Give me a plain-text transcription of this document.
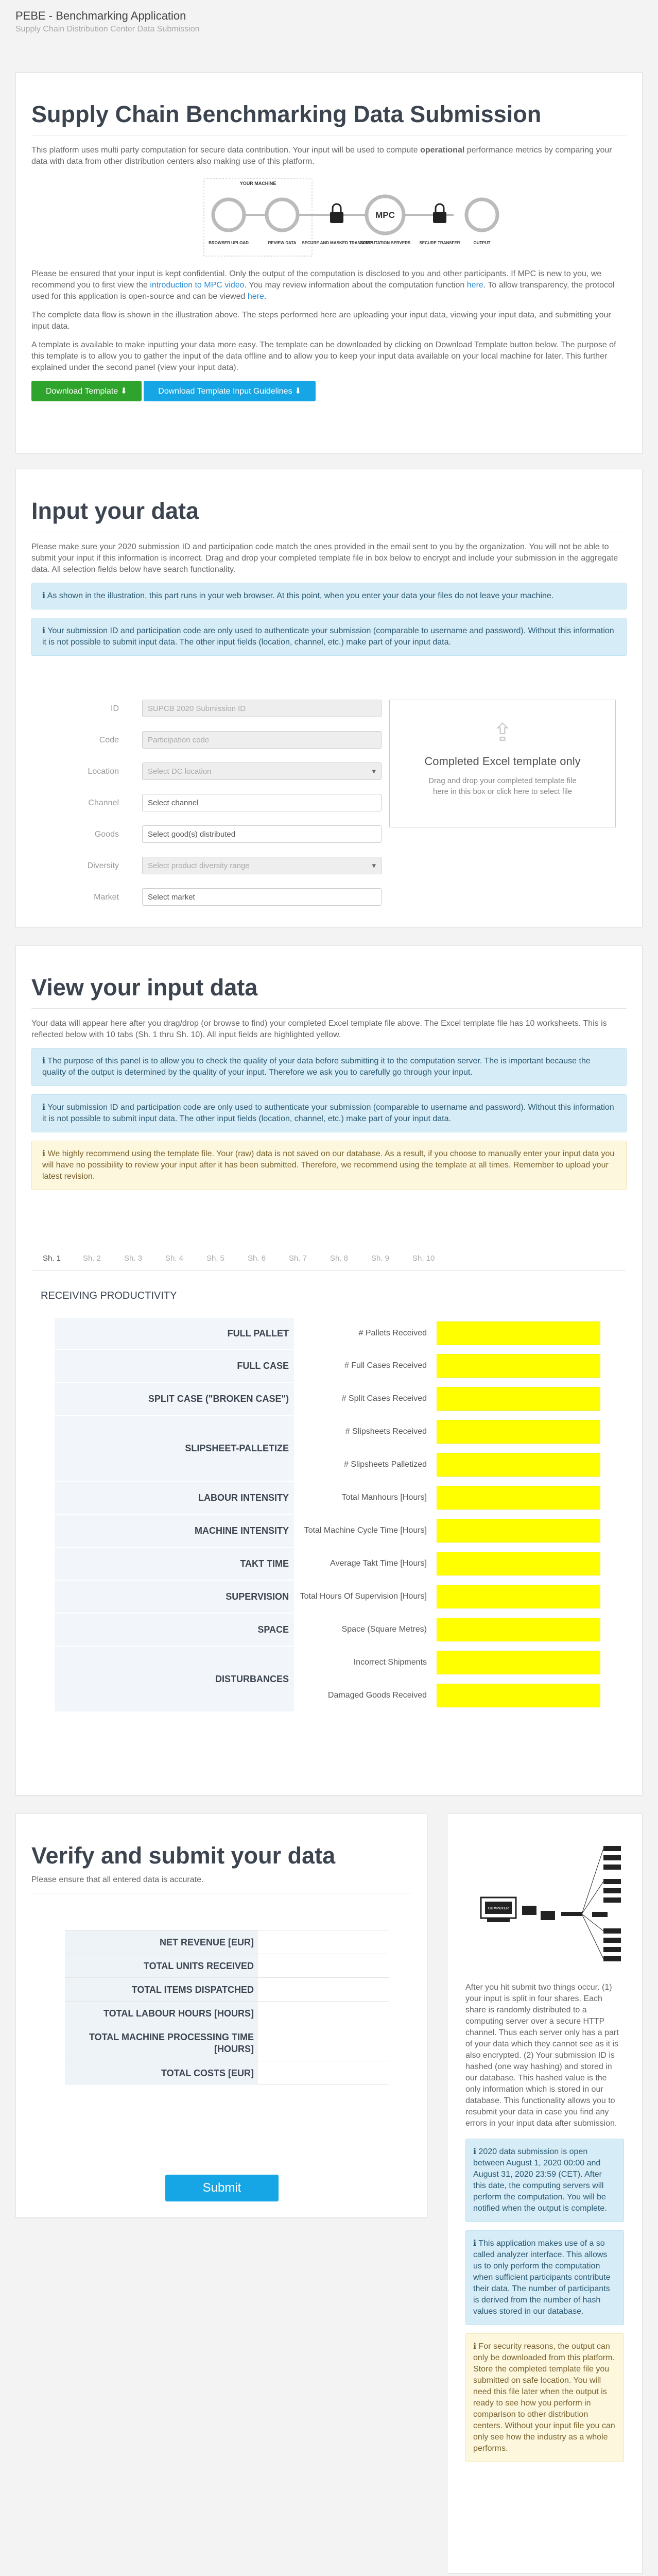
PEBE - Benchmarking Application
Supply Chain Distribution Center Data Submission
Supply Chain Benchmarking Data Submission

This platform uses multi party computation for secure data contribution. Your input will be used to compute operational performance metrics by comparing your data with data from other distribution centers also making use of this platform.

YOUR MACHINE
MPC
BROWSER UPLOAD	REVIEW DATA SECURE AND MASKED TRANSFER
COMPUTATION SERVERS SECURE TRANSFER	OUTPUT

Please be ensured that your input is kept confidential. Only the output of the computation is disclosed to you and other participants. If MPC is new to you, we recommend you to first view the introduction to MPC video. You may review information about the computation function here. To allow transparency, the protocol used for this application is open-source and can be viewed here.

The complete data flow is shown in the illustration above. The steps performed here are uploading your input data, viewing your input data, and submitting your input data.

A template is available to make inputting your data more easy. The template can be downloaded by clicking on Download Template button below. The purpose of this template is to allow you to gather the input of the data offline and to allow you to keep your input data available on your local machine for later. This further explained under the second panel (view your input data).

Download Template ⬇	Download Template Input Guidelines ⬇
Input your data

Please make sure your 2020 submission ID and participation code match the ones provided in the email sent to you by the organization. You will not be able to submit your input if this information is incorrect. Drag and drop your completed template file in box below to encrypt and include your submission in the aggregate data. All selection fields below have search functionality.

ℹ As shown in the illustration, this part runs in your web browser. At this point, when you enter your data your files do not leave your machine.
ℹ Your submission ID and participation code are only used to authenticate your submission (comparable to username and password). Without this information it is not possible to submit input data. The other input fields (location, channel, etc.) make part of your input data.
ID	SUPCB 2020 Submission ID
Code	Participation code
Location	Select DC location ▾
Channel	Select channel
Goods	Select good(s) distributed
Diversity	Select product diversity range ▾
Market	Select market
⇪
Completed Excel template only
Drag and drop your completed template file here in this box or click here to select file
View your input data

Your data will appear here after you drag/drop (or browse to find) your completed Excel template file above. The Excel template file has 10 worksheets. This is reflected below with 10 tabs (Sh. 1 thru Sh. 10). All input fields are highlighted yellow.

ℹ The purpose of this panel is to allow you to check the quality of your data before submitting it to the computation server. The is important because the quality of the output is determined by the quality of your input. Therefore we ask you to carefully go through your input.
ℹ Your submission ID and participation code are only used to authenticate your submission (comparable to username and password). Without this information it is not possible to submit input data. The other input fields (location, channel, etc.) make part of your input data.
ℹ We highly recommend using the template file. Your (raw) data is not saved on our database. As a result, if you choose to manually enter your input data you will have no possibility to review your input after it has been submitted. Therefore, we recommend using the template at all times. Remember to upload your latest revision.
Sh. 1	Sh. 2	Sh. 3	Sh. 4	Sh. 5	Sh. 6	Sh. 7	Sh. 8	Sh. 9	Sh. 10
RECEIVING PRODUCTIVITY
FULL PALLET	# Pallets Received
FULL CASE	# Full Cases Received
SPLIT CASE ("BROKEN CASE")	# Split Cases Received
SLIPSHEET-PALLETIZE
# Slipsheets Received
# Slipsheets Palletized
LABOUR INTENSITY	Total Manhours [Hours]
MACHINE INTENSITY	Total Machine Cycle Time [Hours]
TAKT TIME	Average Takt Time [Hours]
SUPERVISION	Total Hours Of Supervision [Hours]
SPACE	Space (Square Metres)
DISTURBANCES
Incorrect Shipments
Damaged Goods Received
Verify and submit your data

Please ensure that all entered data is accurate.

NET REVENUE [EUR]
TOTAL UNITS RECEIVED
TOTAL ITEMS DISPATCHED
TOTAL LABOUR HOURS [HOURS]
TOTAL MACHINE PROCESSING TIME [HOURS]
TOTAL COSTS [EUR]
Submit
COMPUTER

After you hit submit two things occur. (1) your input is split in four shares. Each share is randomly distributed to a computing server over a secure HTTP channel. Thus each server only has a part of your data which they cannot see as it is also encrypted. (2) Your submission ID is hashed (one way hashing) and stored in our database. This hashed value is the only information which is stored in our database. This functionality allows you to resubmit your data in case you find any errors in your input data after submission.

ℹ 2020 data submission is open between August 1, 2020 00:00 and August 31, 2020 23:59 (CET). After this date, the computing servers will perform the computation. You will be notified when the output is complete.
ℹ This application makes use of a so called analyzer interface. This allows us to only perform the computation when sufficient participants contribute their data. The number of participants is derived from the number of hash values stored in our database.
ℹ For security reasons, the output can only be downloaded from this platform. Store the completed template file you submitted on safe location. You will need this file later when the output is ready to see how you perform in comparison to other distribution centers. Without your input file you can only see how the industry as a whole performs.
